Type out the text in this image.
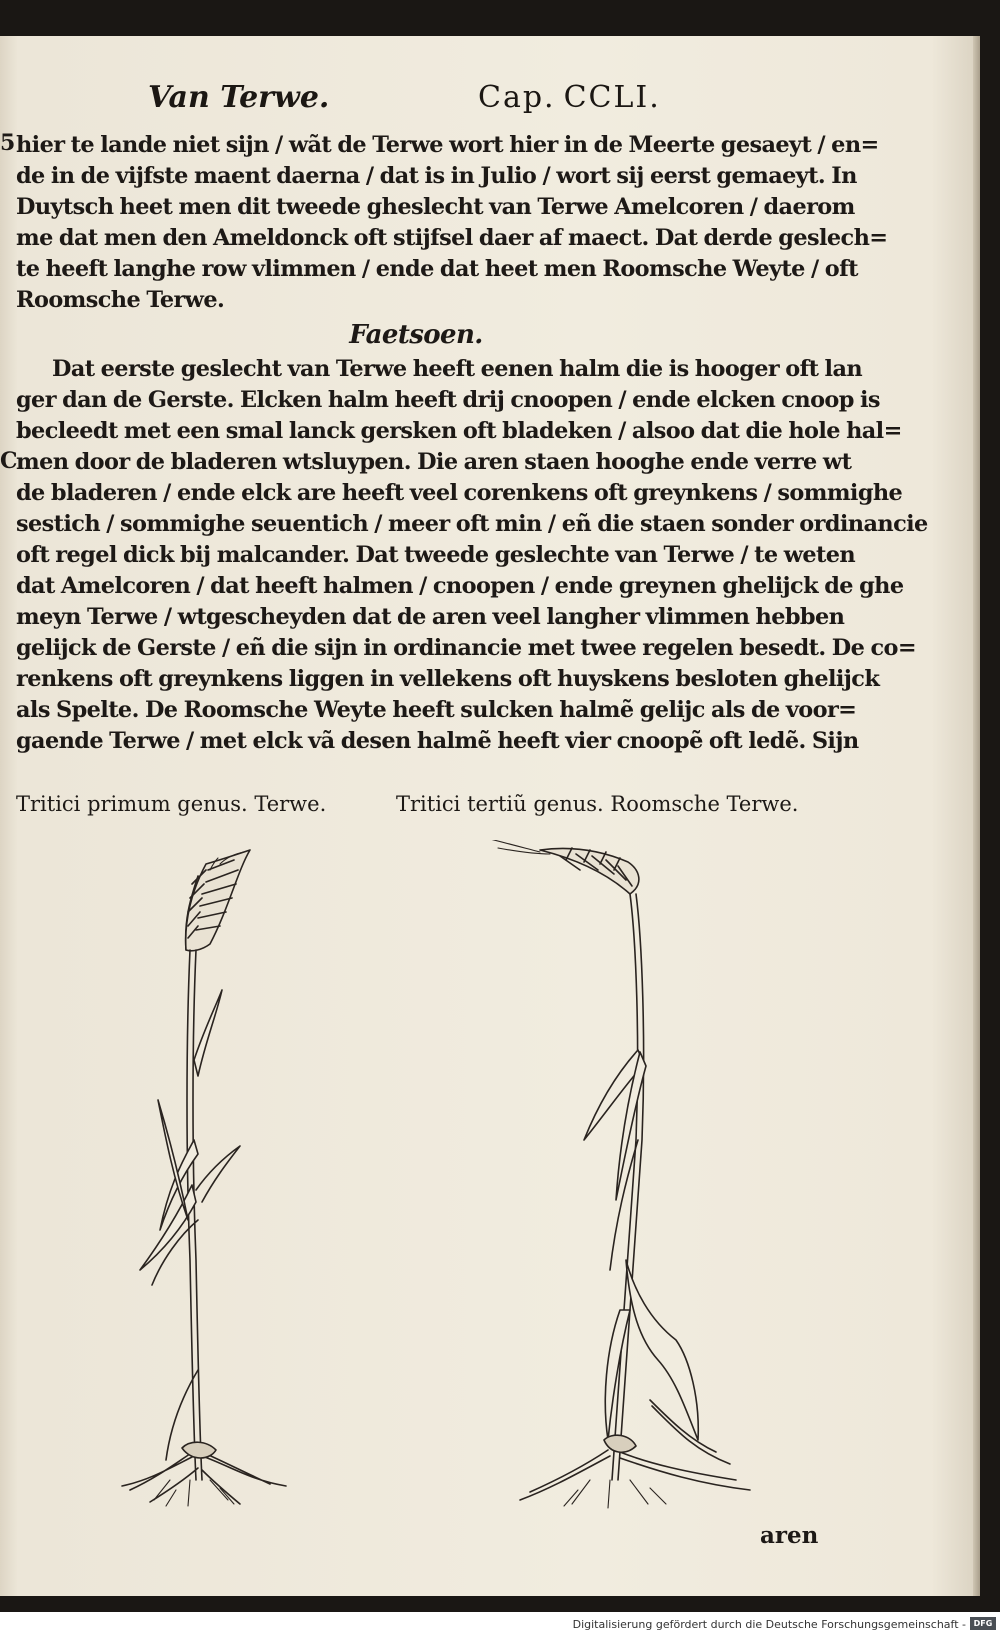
Van Terwe.	Cap. CCLI.
5
C
hier te lande niet sijn / wãt de Terwe wort hier in de Meerte gesaeyt / en=
de in de vijfste maent daerna / dat is in Julio / wort sij eerst gemaeyt. In
Duytsch heet men dit tweede gheslecht van Terwe Amelcoren / daerom
me dat men den Ameldonck oft stijfsel daer af maect. Dat derde geslech=
te heeft langhe row vlimmen / ende dat heet men Roomsche Weyte / oft
Roomsche Terwe.
Faetsoen.
Dat eerste geslecht van Terwe heeft eenen halm die is hooger oft lan
ger dan de Gerste. Elcken halm heeft drij cnoopen / ende elcken cnoop is
becleedt met een smal lanck gersken oft bladeken / alsoo dat die hole hal=
men door de bladeren wtsluypen. Die aren staen hooghe ende verre wt
de bladeren / ende elck are heeft veel corenkens oft greynkens / sommighe
sestich / sommighe seuentich / meer oft min / eñ die staen sonder ordinancie
oft regel dick bij malcander. Dat tweede geslechte van Terwe / te weten
dat Amelcoren / dat heeft halmen / cnoopen / ende greynen ghelijck de ghe
meyn Terwe / wtgescheyden dat de aren veel langher vlimmen hebben
gelijck de Gerste / eñ die sijn in ordinancie met twee regelen besedt. De co=
renkens oft greynkens liggen in vellekens oft huyskens besloten ghelijck
als Spelte. De Roomsche Weyte heeft sulcken halmẽ gelijc als de voor=
gaende Terwe / met elck vã desen halmẽ heeft vier cnoopẽ oft ledẽ. Sijn
Tritici primum genus. Terwe.	Tritici tertiũ genus. Roomsche Terwe.
aren
Digitalisierung gefördert durch die Deutsche Forschungsgemeinschaft - DFG
